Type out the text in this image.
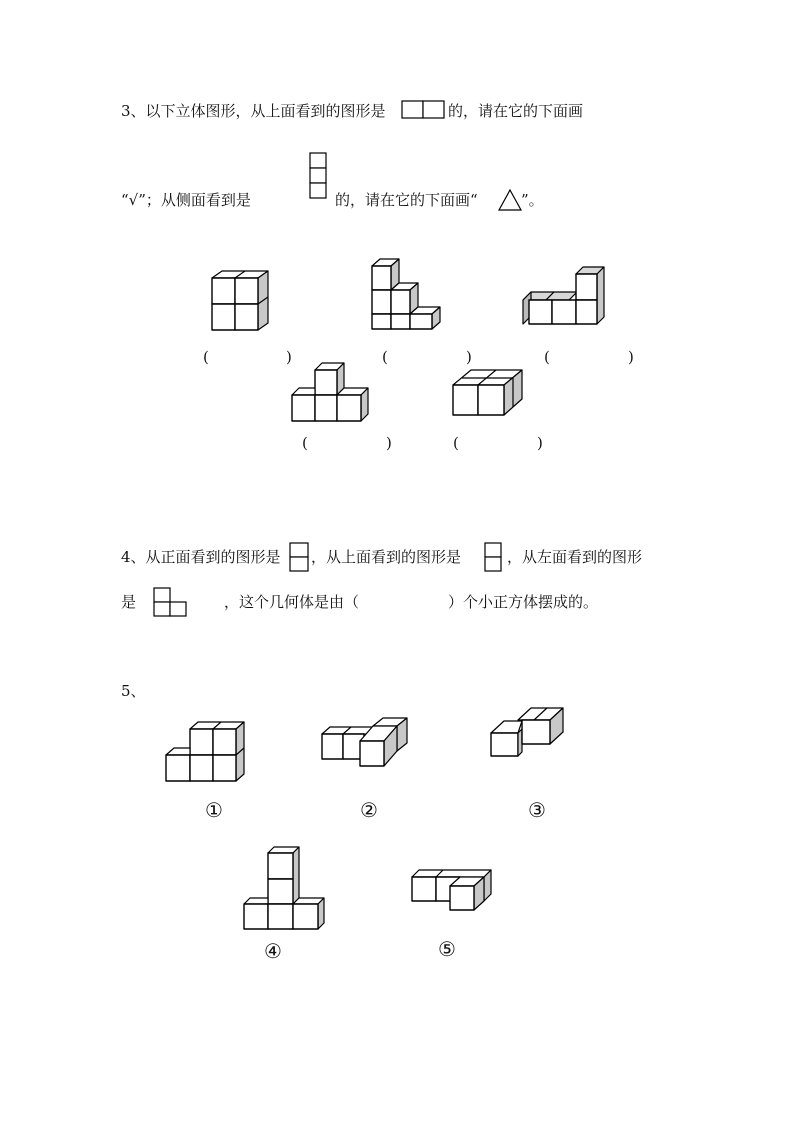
3、以下立体图形，从上面看到的图形是	的，请在它的下面画
“√”；从侧面看到是	的，请在它的下面画“	”。
(	)	(	)	(	)
(	)	(	)
4、从正面看到的图形是 ，从上面看到的图形是	，从左面看到的图形
是	，这个几何体是由（	）个小正方体摆成的。
5、
①	②	③
④	⑤
